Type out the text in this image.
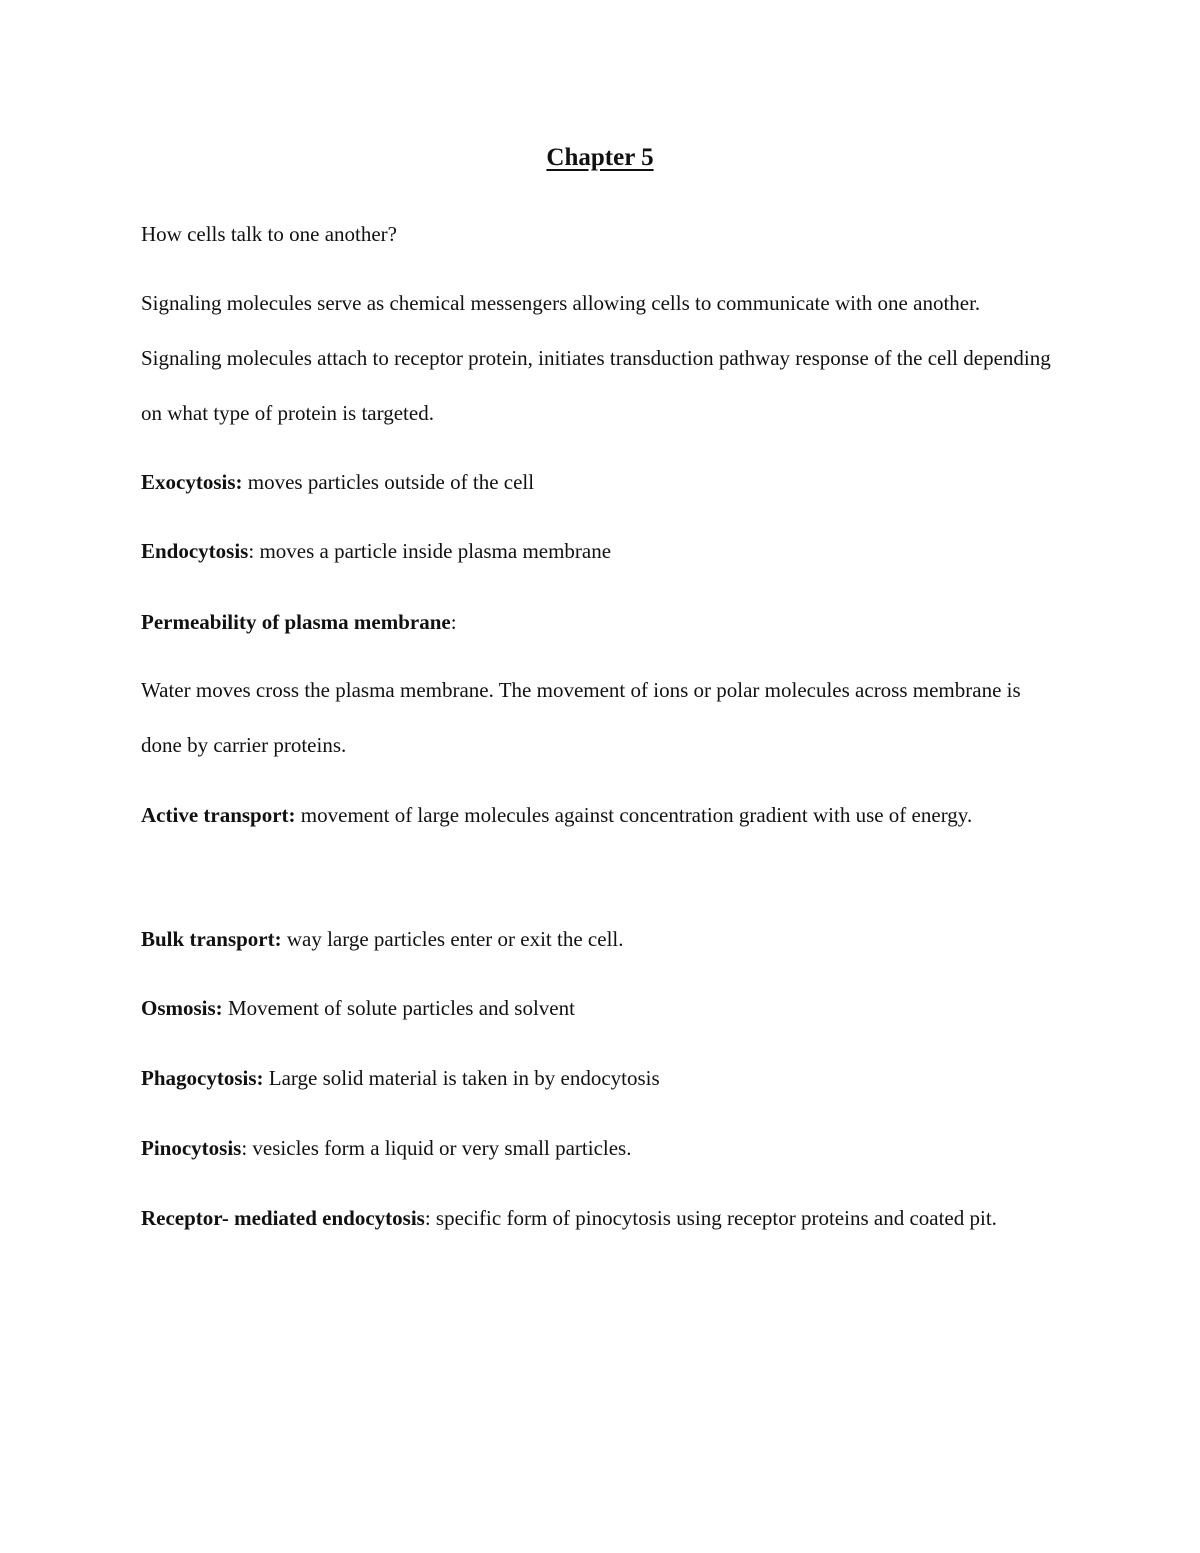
Chapter 5

How cells talk to one another?

Signaling molecules serve as chemical messengers allowing cells to communicate with one another. Signaling molecules attach to receptor protein, initiates transduction pathway response of the cell depending on what type of protein is targeted.

Exocytosis: moves particles outside of the cell

Endocytosis: moves a particle inside plasma membrane

Permeability of plasma membrane:

Water moves cross the plasma membrane. The movement of ions or polar molecules across membrane is done by carrier proteins.

Active transport: movement of large molecules against concentration gradient with use of energy.

Bulk transport: way large particles enter or exit the cell.

Osmosis: Movement of solute particles and solvent

Phagocytosis: Large solid material is taken in by endocytosis

Pinocytosis: vesicles form a liquid or very small particles.

Receptor- mediated endocytosis: specific form of pinocytosis using receptor proteins and coated pit.
